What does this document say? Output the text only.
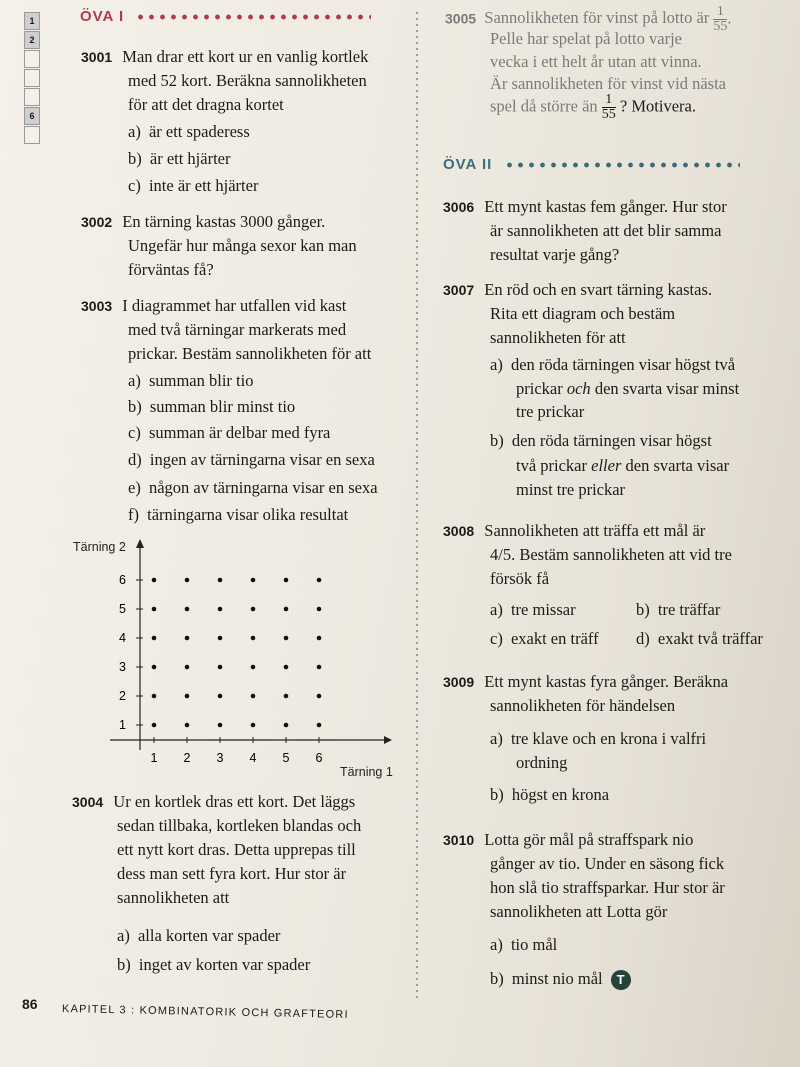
1
2
6
ÖVA I
3001 Man drar ett kort ur en vanlig kortlek
med 52 kort. Beräkna sannolikheten
för att det dragna kortet
a) är ett spaderess
b) är ett hjärter
c) inte är ett hjärter
3002 En tärning kastas 3000 gånger.
Ungefär hur många sexor kan man
förväntas få?
3003 I diagrammet har utfallen vid kast
med två tärningar markerats med
prickar. Bestäm sannolikheten för att
a) summan blir tio
b) summan blir minst tio
c) summan är delbar med fyra
d) ingen av tärningarna visar en sexa
e) någon av tärningarna visar en sexa
f) tärningarna visar olika resultat
Tärning 2
Tärning 1
1 2 3 4 5 6
1
2
3
4
5
6
3004 Ur en kortlek dras ett kort. Det läggs
sedan tillbaka, kortleken blandas och
ett nytt kort dras. Detta upprepas till
dess man sett fyra kort. Hur stor är
sannolikheten att
a) alla korten var spader
b) inget av korten var spader
3005 Sannolikheten för vinst på lotto är $\frac{1}{55}$ .
Pelle har spelat på lotto varje
vecka i ett helt år utan att vinna.
Är sannolikheten för vinst vid nästa
spel då större än $\frac{1}{55}$ ? Motivera.
ÖVA II
3006 Ett mynt kastas fem gånger. Hur stor
är sannolikheten att det blir samma
resultat varje gång?
3007 En röd och en svart tärning kastas.
Rita ett diagram och bestäm
sannolikheten för att
a) den röda tärningen visar högst två
prickar och den svarta visar minst
tre prickar
b) den röda tärningen visar högst
två prickar eller den svarta visar
minst tre prickar
3008 Sannolikheten att träffa ett mål är
4/5. Bestäm sannolikheten att vid tre
försök få
a) tre missar	b) tre träffar
c) exakt en träff d) exakt två träffar
3009 Ett mynt kastas fyra gånger. Beräkna
sannolikheten för händelsen
a) tre klave och en krona i valfri
ordning
b) högst en krona
3010 Lotta gör mål på straffspark nio
gånger av tio. Under en säsong fick
hon slå tio straffsparkar. Hur stor är
sannolikheten att Lotta gör
a) tio mål
b) minst nio mål T
86 KAPITEL 3 : KOMBINATORIK OCH GRAFTEORI
